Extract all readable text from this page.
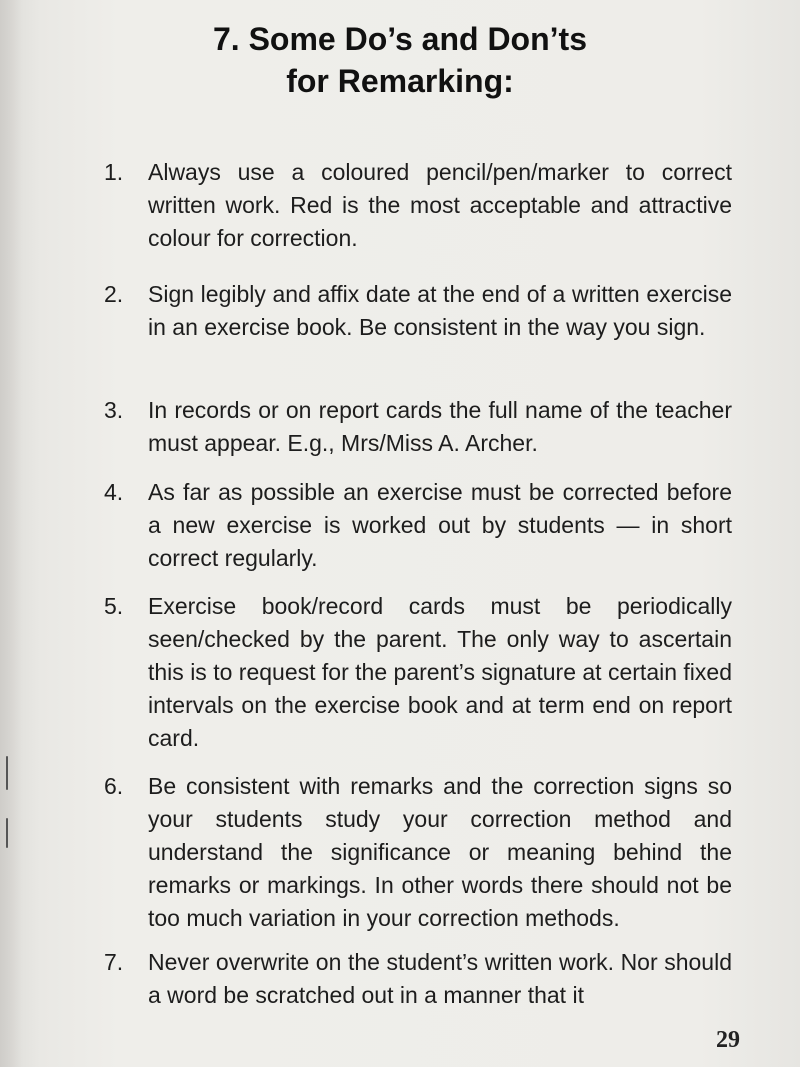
7. Some Do’s and Don’ts
for Remarking:
1.	Always use a coloured pencil/pen/marker to correct written work. Red is the most acceptable and attractive colour for correction.
2.	Sign legibly and affix date at the end of a written exercise in an exercise book. Be consistent in the way you sign.
3.	In records or on report cards the full name of the teacher must appear. E.g., Mrs/Miss A. Archer.
4.	As far as possible an exercise must be corrected before a new exercise is worked out by students — in short correct regularly.
5.	Exercise book/record cards must be periodically seen/checked by the parent. The only way to ascertain this is to request for the parent’s signature at certain fixed intervals on the exercise book and at term end on report card.
6.	Be consistent with remarks and the correction signs so your students study your correction method and understand the significance or meaning behind the remarks or markings. In other words there should not be too much variation in your correction methods.
7.	Never overwrite on the student’s written work. Nor should a word be scratched out in a manner that it
29
